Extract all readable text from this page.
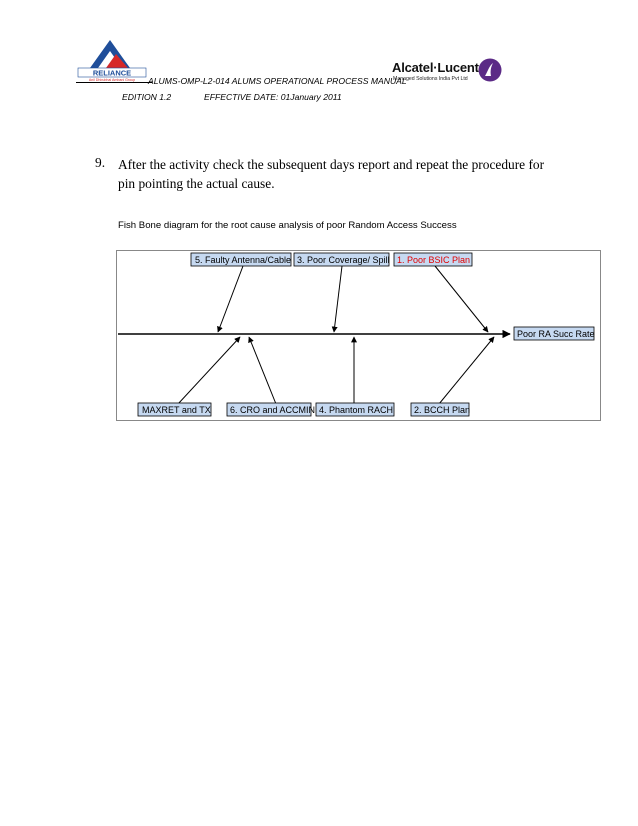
RELIANCE
Anil Dhirubhai Ambani Group ALUMS-OMP-L2-014 ALUMS OPERATIONAL PROCESS MANUAL
EDITION 1.2	EFFECTIVE DATE: 01January 2011
Alcatel·Lucent
Managed Solutions India Pvt Ltd
9. After the activity check the subsequent days report and repeat the procedure for pin pointing the actual cause.
Fish Bone diagram for the root cause analysis of poor Random Access Success
5. Faulty Antenna/Cable 3. Poor Coverage/ Spill 1. Poor BSIC Plan
Poor RA Succ Rate
MAXRET and TX 6. CRO and ACCMIN 4. Phantom RACH 2. BCCH Plan
